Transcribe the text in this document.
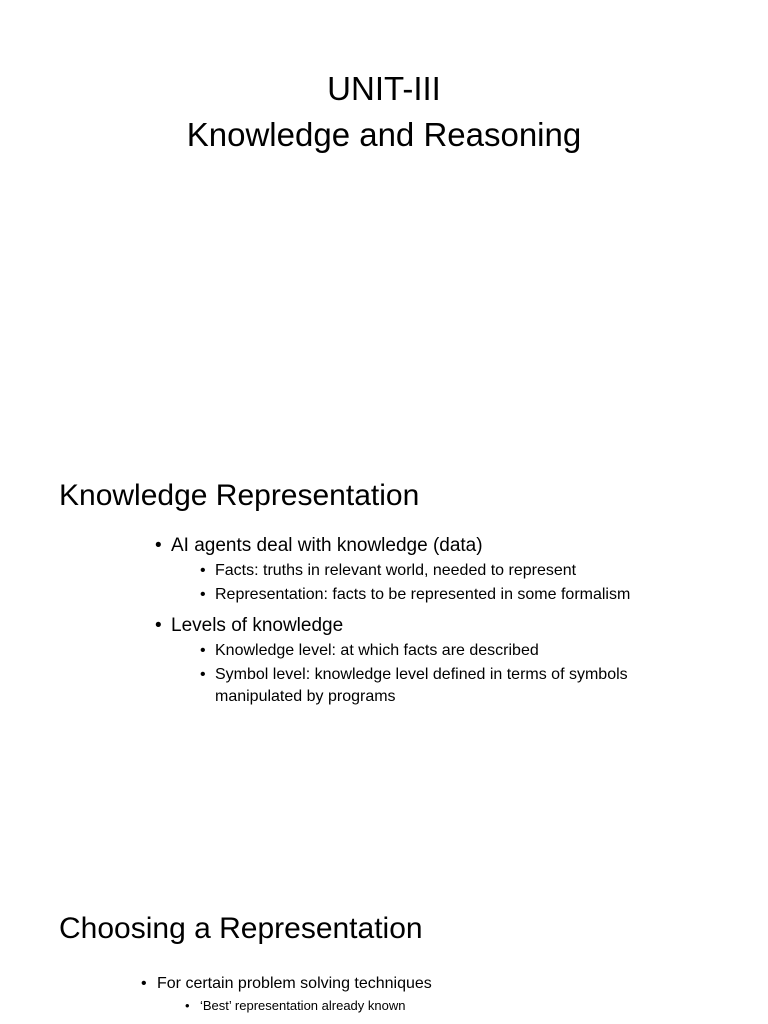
UNIT-III
Knowledge and Reasoning
Knowledge Representation
• AI agents deal with knowledge (data)
• Facts: truths in relevant world, needed to represent
• Representation: facts to be represented in some formalism
• Levels of knowledge
• Knowledge level: at which facts are described
• Symbol level: knowledge level defined in terms of symbols manipulated by programs
Choosing a Representation
• For certain problem solving techniques
• ‘Best’ representation already known
